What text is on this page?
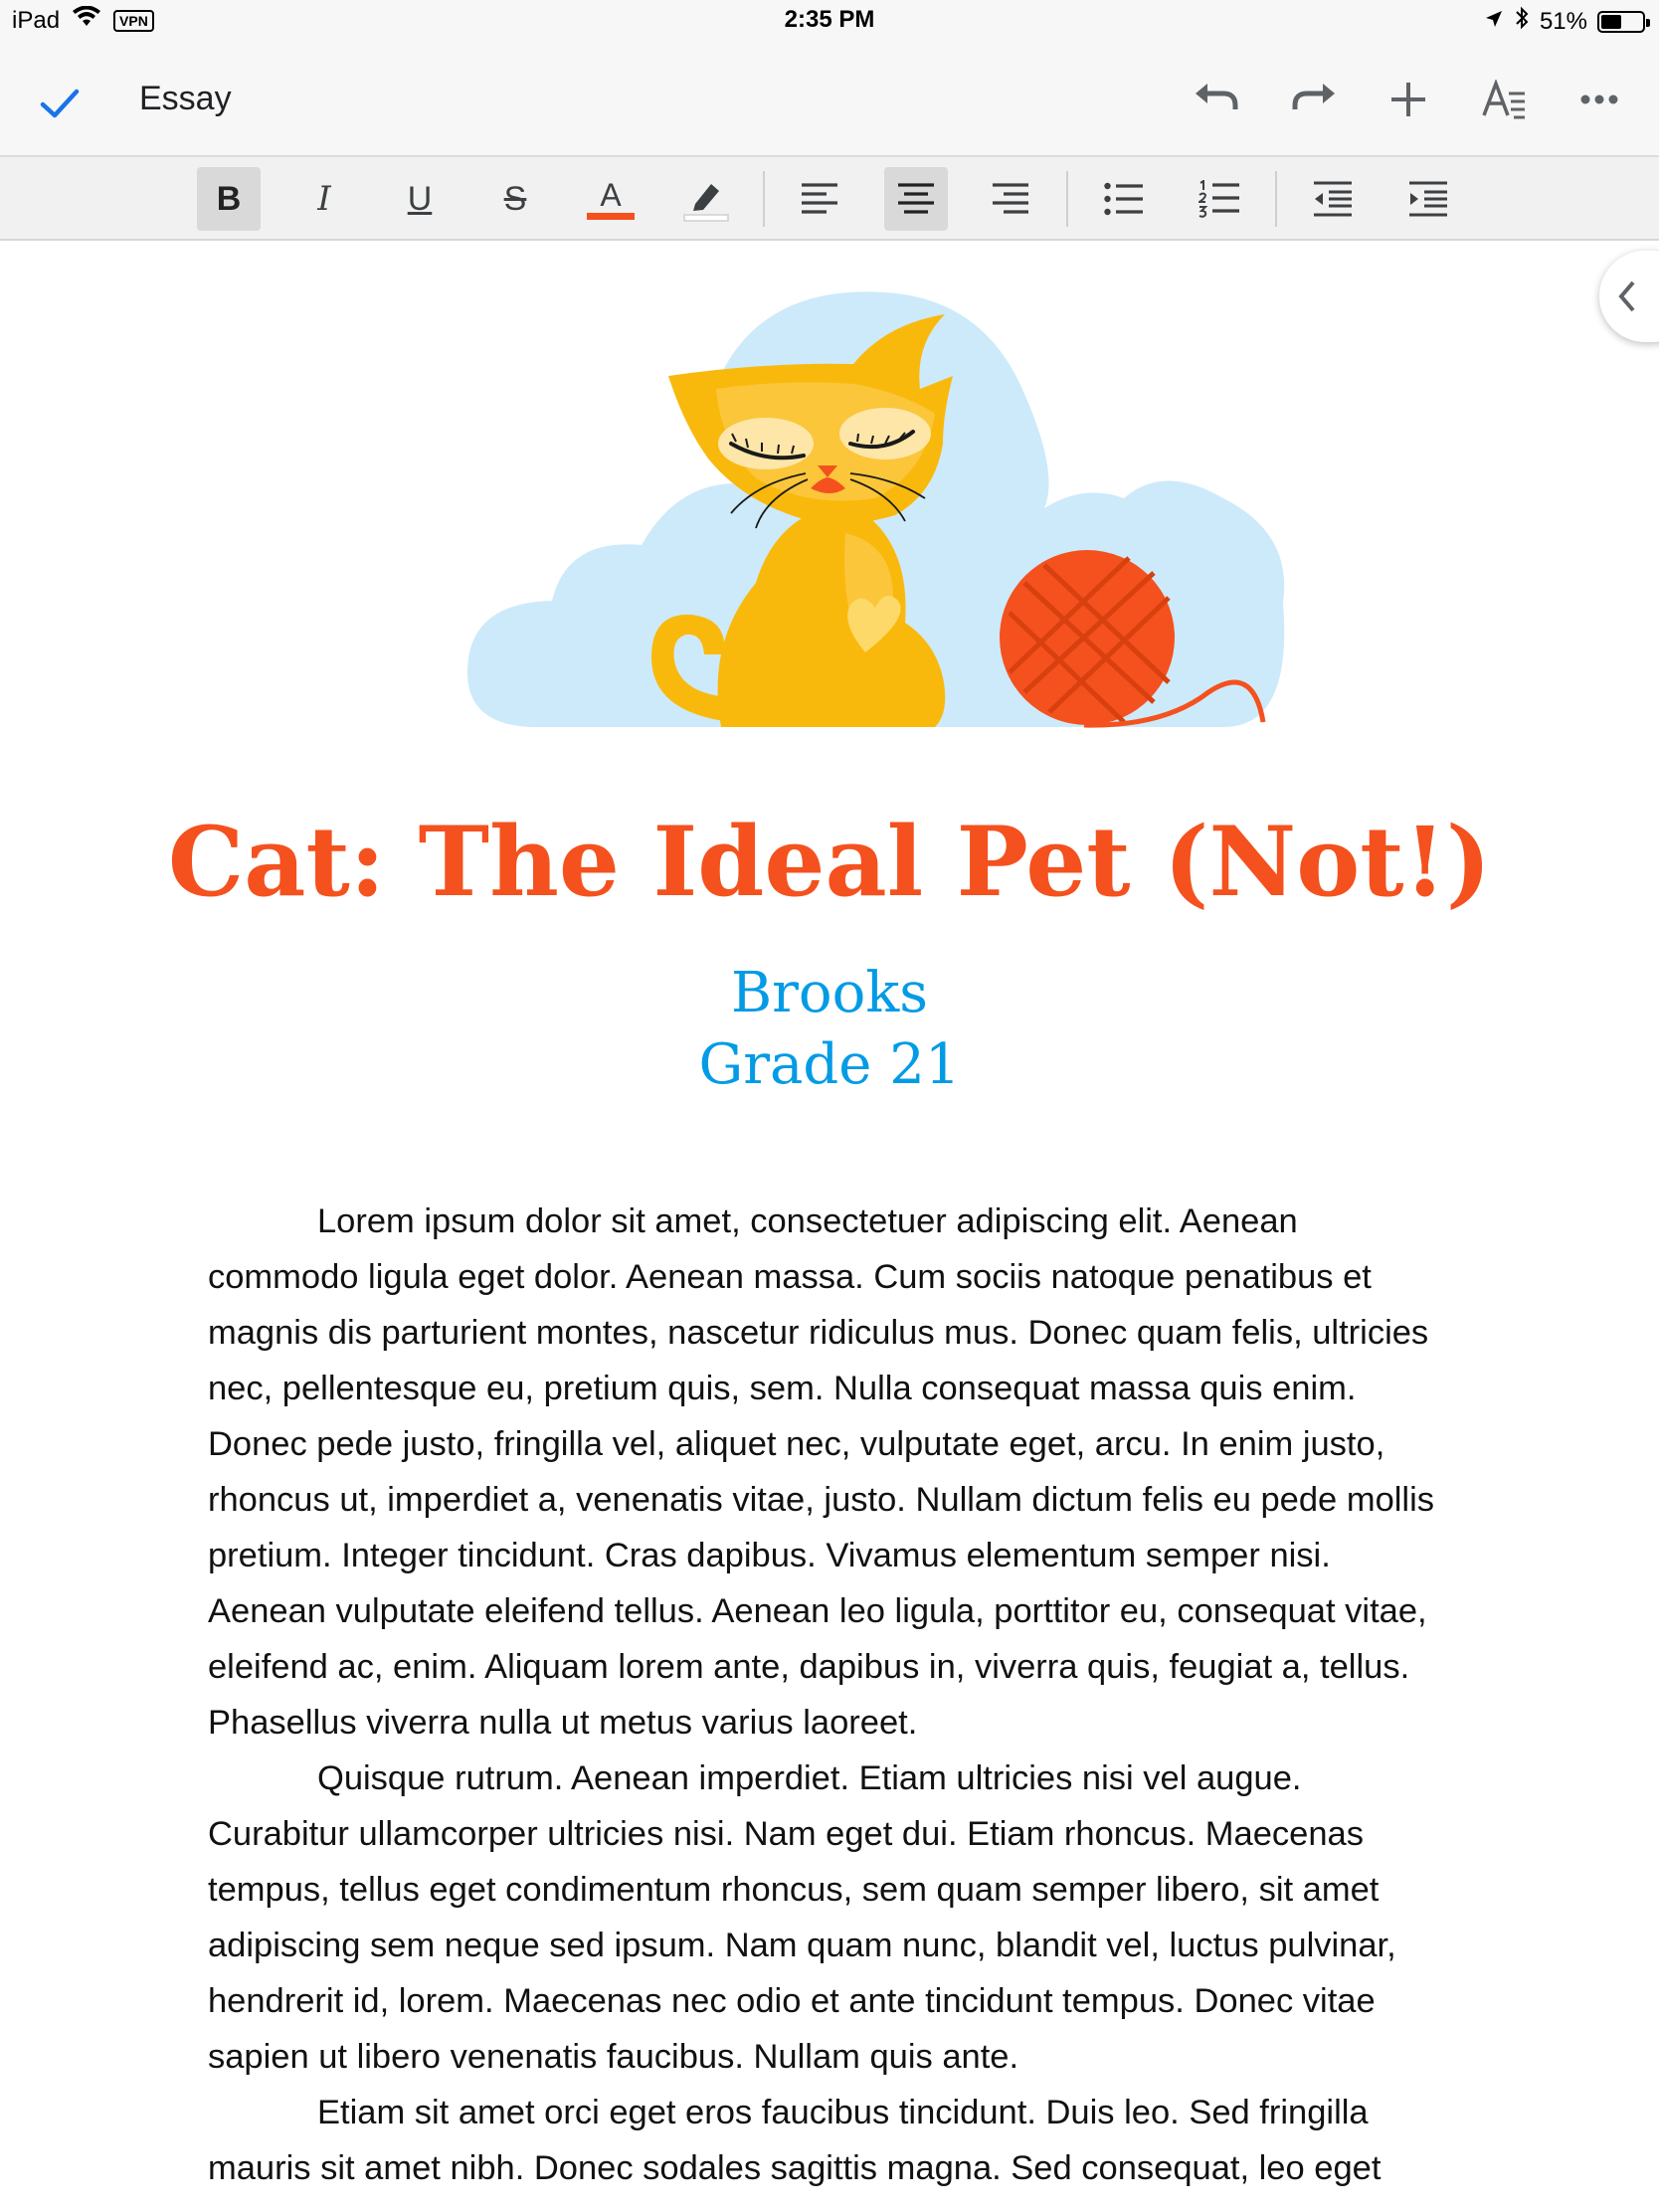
iPad	VPN	2:35 PM	51%
Essay
B I U S A
Cat: The Ideal Pet (Not!)
Brooks
Grade 21

Lorem ipsum dolor sit amet, consectetuer adipiscing elit. Aenean commodo ligula eget dolor. Aenean massa. Cum sociis natoque penatibus et magnis dis parturient montes, nascetur ridiculus mus. Donec quam felis, ultricies nec, pellentesque eu, pretium quis, sem. Nulla consequat massa quis enim. Donec pede justo, fringilla vel, aliquet nec, vulputate eget, arcu. In enim justo, rhoncus ut, imperdiet a, venenatis vitae, justo. Nullam dictum felis eu pede mollis pretium. Integer tincidunt. Cras dapibus. Vivamus elementum semper nisi. Aenean vulputate eleifend tellus. Aenean leo ligula, porttitor eu, consequat vitae, eleifend ac, enim. Aliquam lorem ante, dapibus in, viverra quis, feugiat a, tellus. Phasellus viverra nulla ut metus varius laoreet.

Quisque rutrum. Aenean imperdiet. Etiam ultricies nisi vel augue. Curabitur ullamcorper ultricies nisi. Nam eget dui. Etiam rhoncus. Maecenas tempus, tellus eget condimentum rhoncus, sem quam semper libero, sit amet adipiscing sem neque sed ipsum. Nam quam nunc, blandit vel, luctus pulvinar, hendrerit id, lorem. Maecenas nec odio et ante tincidunt tempus. Donec vitae sapien ut libero venenatis faucibus. Nullam quis ante.

Etiam sit amet orci eget eros faucibus tincidunt. Duis leo. Sed fringilla mauris sit amet nibh. Donec sodales sagittis magna. Sed consequat, leo eget
